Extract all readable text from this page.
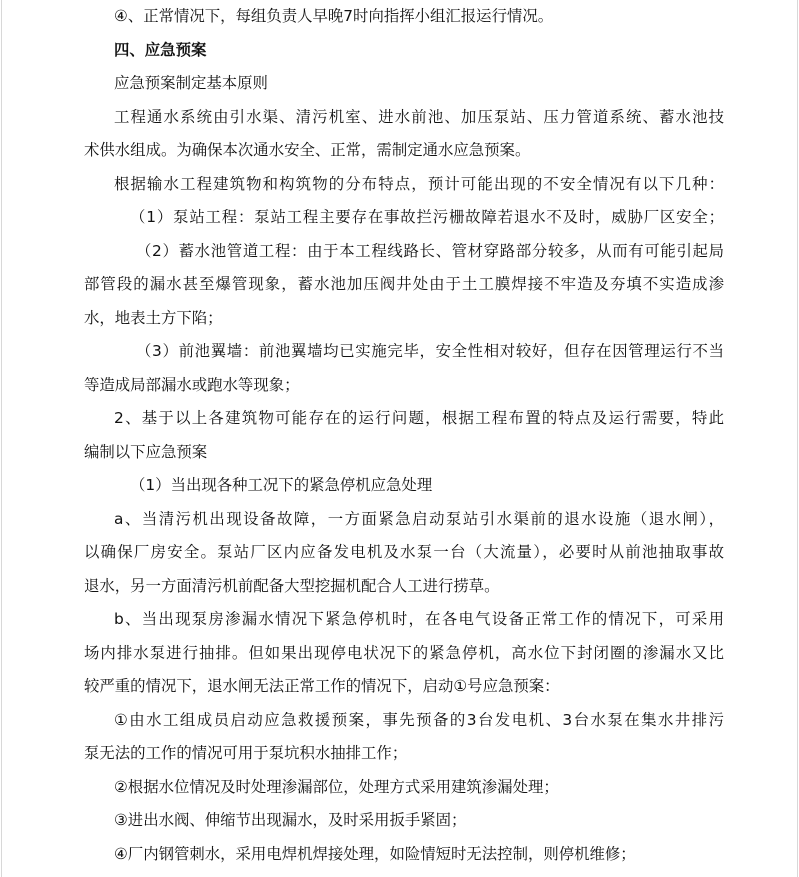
④、正常情况下，每组负责人早晚7时向指挥小组汇报运行情况。
四、应急预案
应急预案制定基本原则
工程通水系统由引水渠、清污机室、进水前池、加压泵站、压力管道系统、蓄水池技
术供水组成。为确保本次通水安全、正常，需制定通水应急预案。
根据输水工程建筑物和构筑物的分布特点，预计可能出现的不安全情况有以下几种：
（1）泵站工程：泵站工程主要存在事故拦污栅故障若退水不及时，威胁厂区安全；
（2）蓄水池管道工程：由于本工程线路长、管材穿路部分较多，从而有可能引起局
部管段的漏水甚至爆管现象，蓄水池加压阀井处由于土工膜焊接不牢造及夯填不实造成渗
水，地表土方下陷；
（3）前池翼墙：前池翼墙均已实施完毕，安全性相对较好，但存在因管理运行不当
等造成局部漏水或跑水等现象；
2、基于以上各建筑物可能存在的运行问题，根据工程布置的特点及运行需要，特此
编制以下应急预案
（1）当出现各种工况下的紧急停机应急处理
a、当清污机出现设备故障，一方面紧急启动泵站引水渠前的退水设施（退水闸），
以确保厂房安全。泵站厂区内应备发电机及水泵一台（大流量），必要时从前池抽取事故
退水，另一方面清污机前配备大型挖掘机配合人工进行捞草。
b、当出现泵房渗漏水情况下紧急停机时，在各电气设备正常工作的情况下，可采用
场内排水泵进行抽排。但如果出现停电状况下的紧急停机，高水位下封闭圈的渗漏水又比
较严重的情况下，退水闸无法正常工作的情况下，启动①号应急预案：
①由水工组成员启动应急救援预案，事先预备的3台发电机、3台水泵在集水井排污
泵无法的工作的情况可用于泵坑积水抽排工作；
②根据水位情况及时处理渗漏部位，处理方式采用建筑渗漏处理；
③进出水阀、伸缩节出现漏水，及时采用扳手紧固；
④厂内钢管刺水，采用电焊机焊接处理，如险情短时无法控制，则停机维修；
